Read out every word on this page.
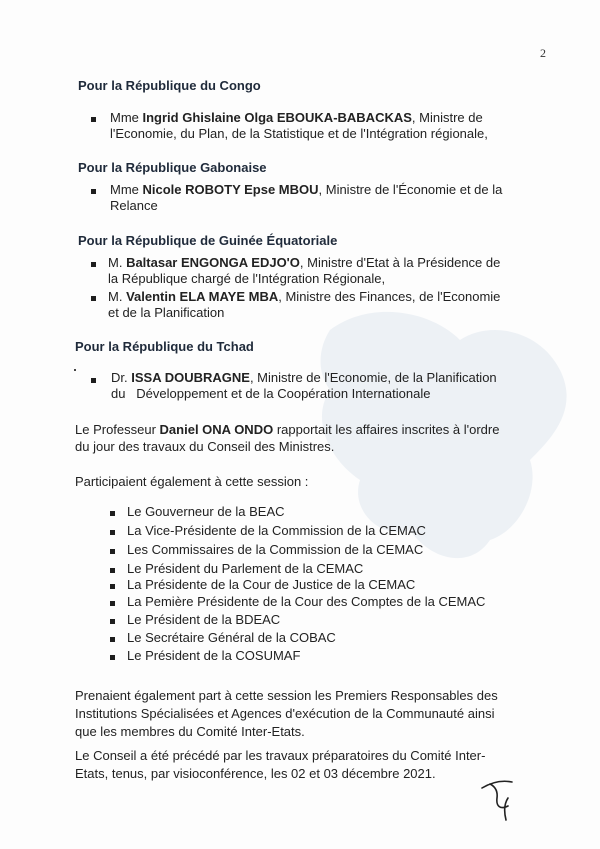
2
Pour la République du Congo
Mme Ingrid Ghislaine Olga EBOUKA-BABACKAS, Ministre de
l'Economie, du Plan, de la Statistique et de l'Intégration régionale,
Pour la République Gabonaise
Mme Nicole ROBOTY Epse MBOU, Ministre de l'Économie et de la
Relance
Pour la République de Guinée Équatoriale
M. Baltasar ENGONGA EDJO'O, Ministre d'Etat à la Présidence de
la République chargé de l'Intégration Régionale,
M. Valentin ELA MAYE MBA, Ministre des Finances, de l'Economie
et de la Planification
Pour la République du Tchad
Dr. ISSA DOUBRAGNE, Ministre de l'Economie, de la Planification
du   Développement et de la Coopération Internationale
Le Professeur Daniel ONA ONDO rapportait les affaires inscrites à l'ordre
du jour des travaux du Conseil des Ministres.
Participaient également à cette session :
Le Gouverneur de la BEAC
La Vice-Présidente de la Commission de la CEMAC
Les Commissaires de la Commission de la CEMAC
Le Président du Parlement de la CEMAC
La Présidente de la Cour de Justice de la CEMAC
La Pemière Présidente de la Cour des Comptes de la CEMAC
Le Président de la BDEAC
Le Secrétaire Général de la COBAC
Le Président de la COSUMAF
Prenaient également part à cette session les Premiers Responsables des
Institutions Spécialisées et Agences d'exécution de la Communauté ainsi
que les membres du Comité Inter-Etats.
Le Conseil a été précédé par les travaux préparatoires du Comité Inter-
Etats, tenus, par visioconférence, les 02 et 03 décembre 2021.
